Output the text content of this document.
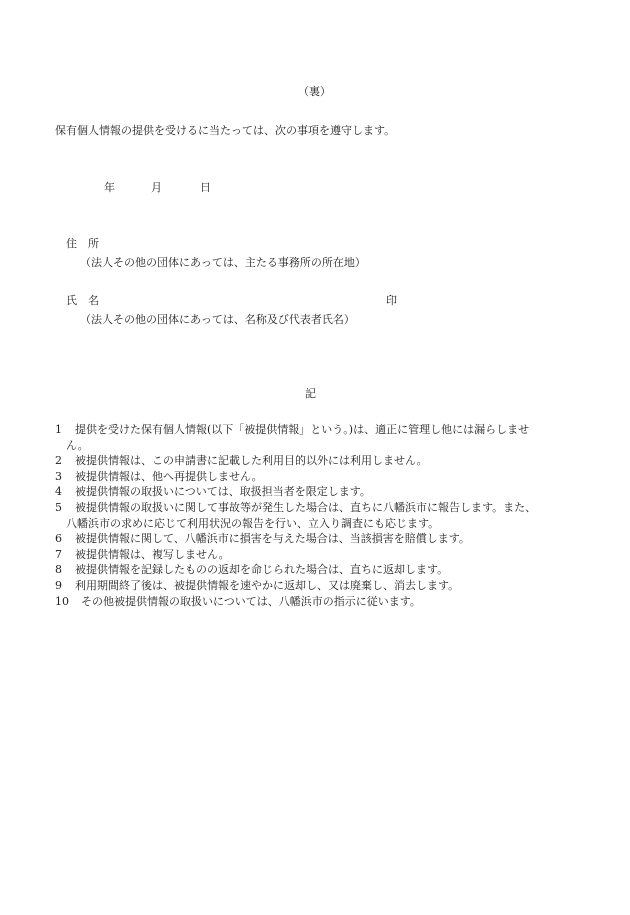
（裏）
保有個人情報の提供を受けるに当たっては、次の事項を遵守します。
年	月	日
住 所
（法人その他の団体にあっては、主たる事務所の所在地）
氏 名	印
（法人その他の団体にあっては、名称及び代表者氏名）
記
1	提供を受けた保有個人情報(以下「被提供情報」という。)は、適正に管理し他には漏らしませ
ん。
2	被提供情報は、この申請書に記載した利用目的以外には利用しません。
3	被提供情報は、他へ再提供しません。
4	被提供情報の取扱いについては、取扱担当者を限定します。
5	被提供情報の取扱いに関して事故等が発生した場合は、直ちに八幡浜市に報告します。また、
八幡浜市の求めに応じて利用状況の報告を行い、立入り調査にも応じます。
6	被提供情報に関して、八幡浜市に損害を与えた場合は、当該損害を賠償します。
7	被提供情報は、複写しません。
8	被提供情報を記録したものの返却を命じられた場合は、直ちに返却します。
9	利用期間終了後は、被提供情報を速やかに返却し、又は廃棄し、消去します。
10	その他被提供情報の取扱いについては、八幡浜市の指示に従います。
